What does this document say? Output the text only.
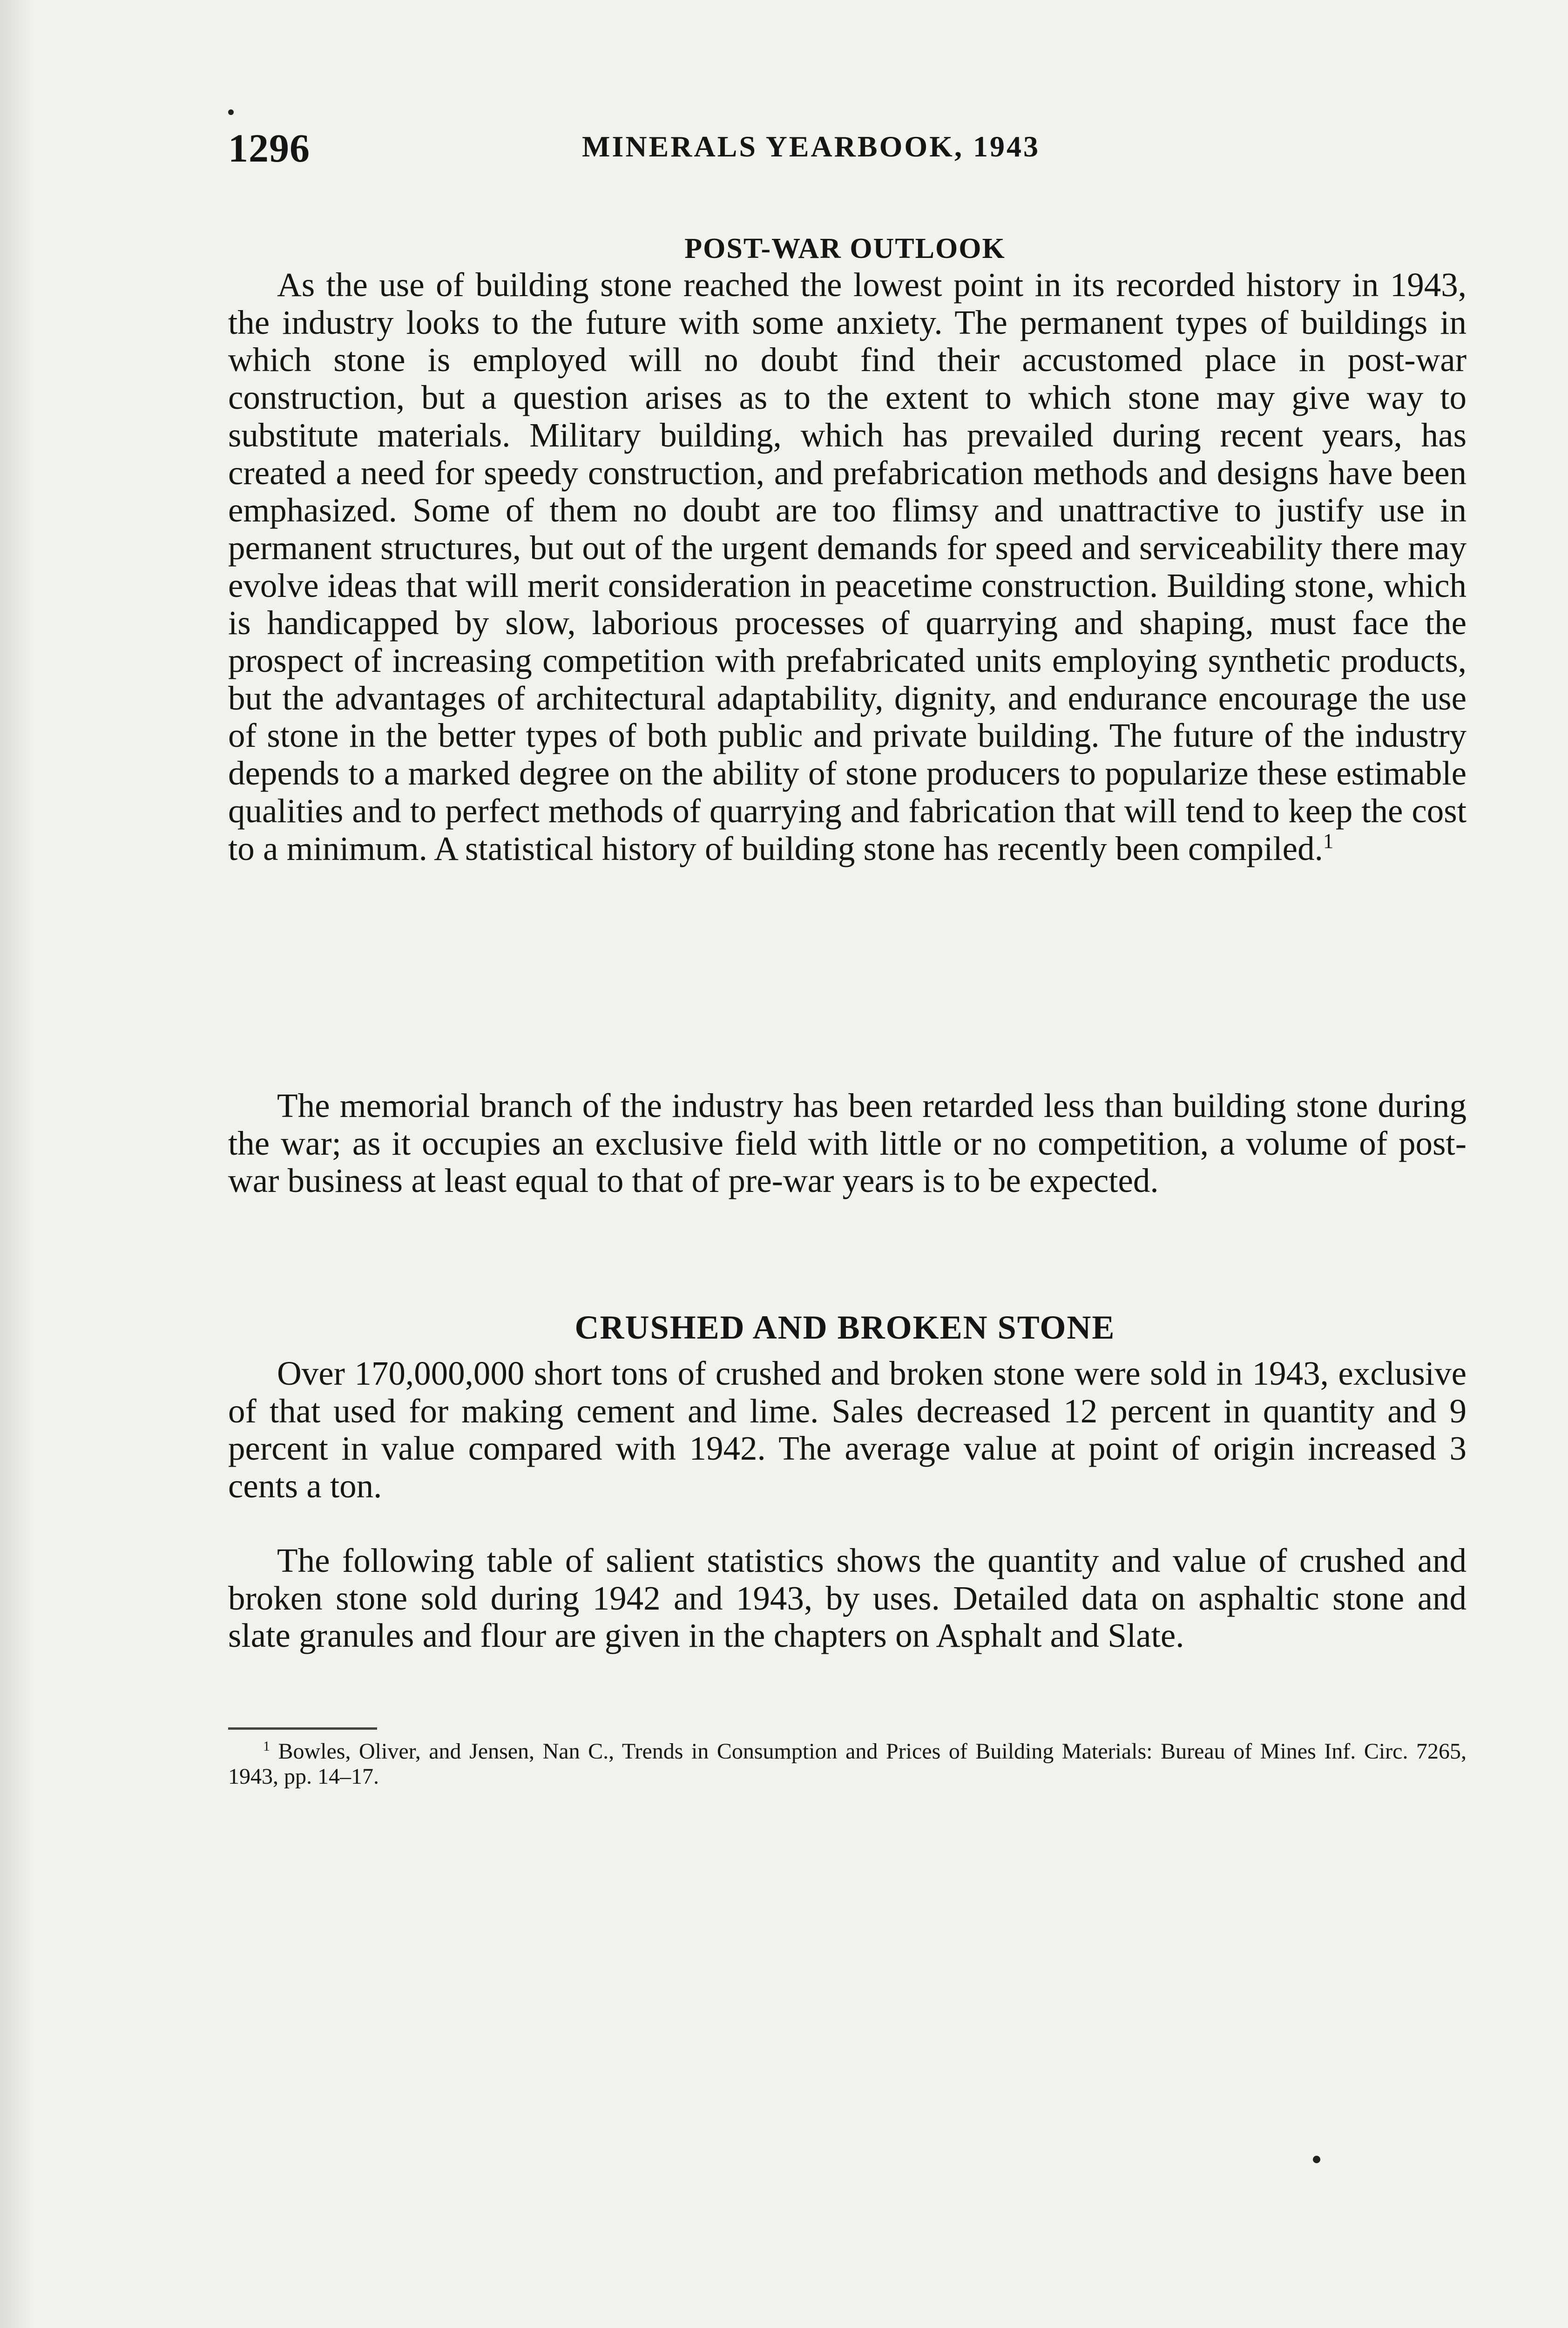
1296	MINERALS YEARBOOK, 1943
POST-WAR OUTLOOK

As the use of building stone reached the lowest point in its recorded history in 1943, the industry looks to the future with some anxiety. The permanent types of buildings in which stone is employed will no doubt find their accustomed place in post-war construction, but a question arises as to the extent to which stone may give way to substitute materials. Military building, which has prevailed during recent years, has created a need for speedy construction, and prefabrication methods and designs have been emphasized. Some of them no doubt are too flimsy and unattractive to justify use in permanent structures, but out of the urgent demands for speed and serviceability there may evolve ideas that will merit consideration in peacetime construction. Building stone, which is handicapped by slow, laborious processes of quarrying and shaping, must face the prospect of increasing competition with prefabricated units employing synthetic products, but the advantages of architectural adaptability, dignity, and endurance encourage the use of stone in the better types of both public and private building. The future of the industry depends to a marked degree on the ability of stone producers to popularize these estimable qualities and to perfect methods of quarrying and fabrication that will tend to keep the cost to a minimum. A statistical history of building stone has recently been compiled.$^1$

The memorial branch of the industry has been retarded less than building stone during the war; as it occupies an exclusive field with little or no competition, a volume of post-war business at least equal to that of pre-war years is to be expected.

CRUSHED AND BROKEN STONE

Over 170,000,000 short tons of crushed and broken stone were sold in 1943, exclusive of that used for making cement and lime. Sales decreased 12 percent in quantity and 9 percent in value compared with 1942. The average value at point of origin increased 3 cents a ton.

The following table of salient statistics shows the quantity and value of crushed and broken stone sold during 1942 and 1943, by uses. Detailed data on asphaltic stone and slate granules and flour are given in the chapters on Asphalt and Slate.

$^1$ Bowles, Oliver, and Jensen, Nan C., Trends in Consumption and Prices of Building Materials: Bureau of Mines Inf. Circ. 7265, 1943, pp. 14–17.
